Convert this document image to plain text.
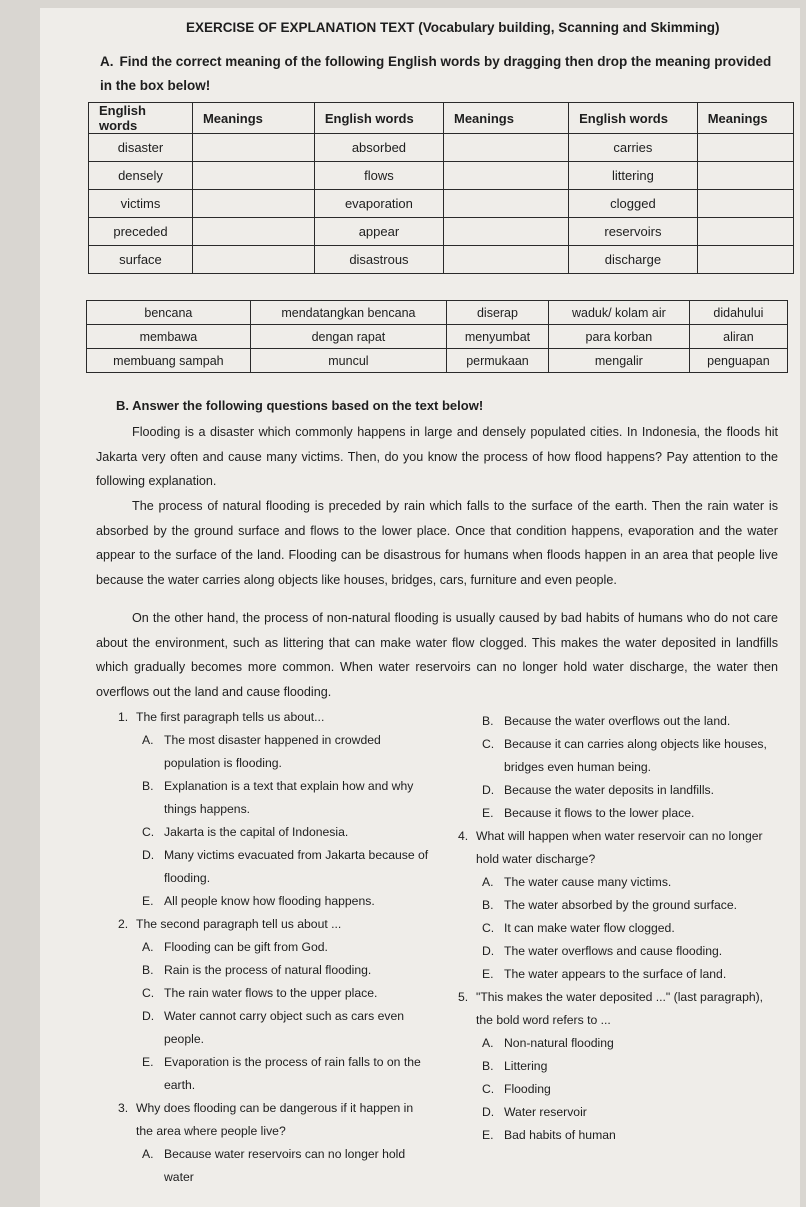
EXERCISE OF EXPLANATION TEXT (Vocabulary building, Scanning and Skimming)
A. Find the correct meaning of the following English words by dragging then drop the meaning provided in the box below!
English words	Meanings	English words	Meanings	English words	Meanings
disaster		absorbed		carries	
densely		flows		littering	
victims		evaporation		clogged	
preceded		appear		reservoirs	
surface		disastrous		discharge	
bencana	mendatangkan bencana	diserap	waduk/ kolam air	didahului
membawa	dengan rapat	menyumbat	para korban	aliran
membuang sampah	muncul	permukaan	mengalir	penguapan
B. Answer the following questions based on the text below!
Flooding is a disaster which commonly happens in large and densely populated cities. In Indonesia, the floods hit Jakarta very often and cause many victims. Then, do you know the process of how flood happens? Pay attention to the following explanation.
The process of natural flooding is preceded by rain which falls to the surface of the earth. Then the rain water is absorbed by the ground surface and flows to the lower place. Once that condition happens, evaporation and the water appear to the surface of the land. Flooding can be disastrous for humans when floods happen in an area that people live because the water carries along objects like houses, bridges, cars, furniture and even people.
On the other hand, the process of non-natural flooding is usually caused by bad habits of humans who do not care about the environment, such as littering that can make water flow clogged. This makes the water deposited in landfills which gradually becomes more common. When water reservoirs can no longer hold water discharge, the water then overflows out the land and cause flooding.
1. The first paragraph tells us about...
A. The most disaster happened in crowded population is flooding.
B. Explanation is a text that explain how and why things happens.
C. Jakarta is the capital of Indonesia.
D. Many victims evacuated from Jakarta because of flooding.
E. All people know how flooding happens.
2. The second paragraph tell us about ...
A. Flooding can be gift from God.
B. Rain is the process of natural flooding.
C. The rain water flows to the upper place.
D. Water cannot carry object such as cars even people.
E. Evaporation is the process of rain falls to on the earth.
3. Why does flooding can be dangerous if it happen in the area where people live?
A. Because water reservoirs can no longer hold water
B. Because the water overflows out the land.
C. Because it can carries along objects like houses, bridges even human being.
D. Because the water deposits in landfills.
E. Because it flows to the lower place.
4. What will happen when water reservoir can no longer hold water discharge?
A. The water cause many victims.
B. The water absorbed by the ground surface.
C. It can make water flow clogged.
D. The water overflows and cause flooding.
E. The water appears to the surface of land.
5. "This makes the water deposited ..." (last paragraph), the bold word refers to ...
A. Non-natural flooding
B. Littering
C. Flooding
D. Water reservoir
E. Bad habits of human
